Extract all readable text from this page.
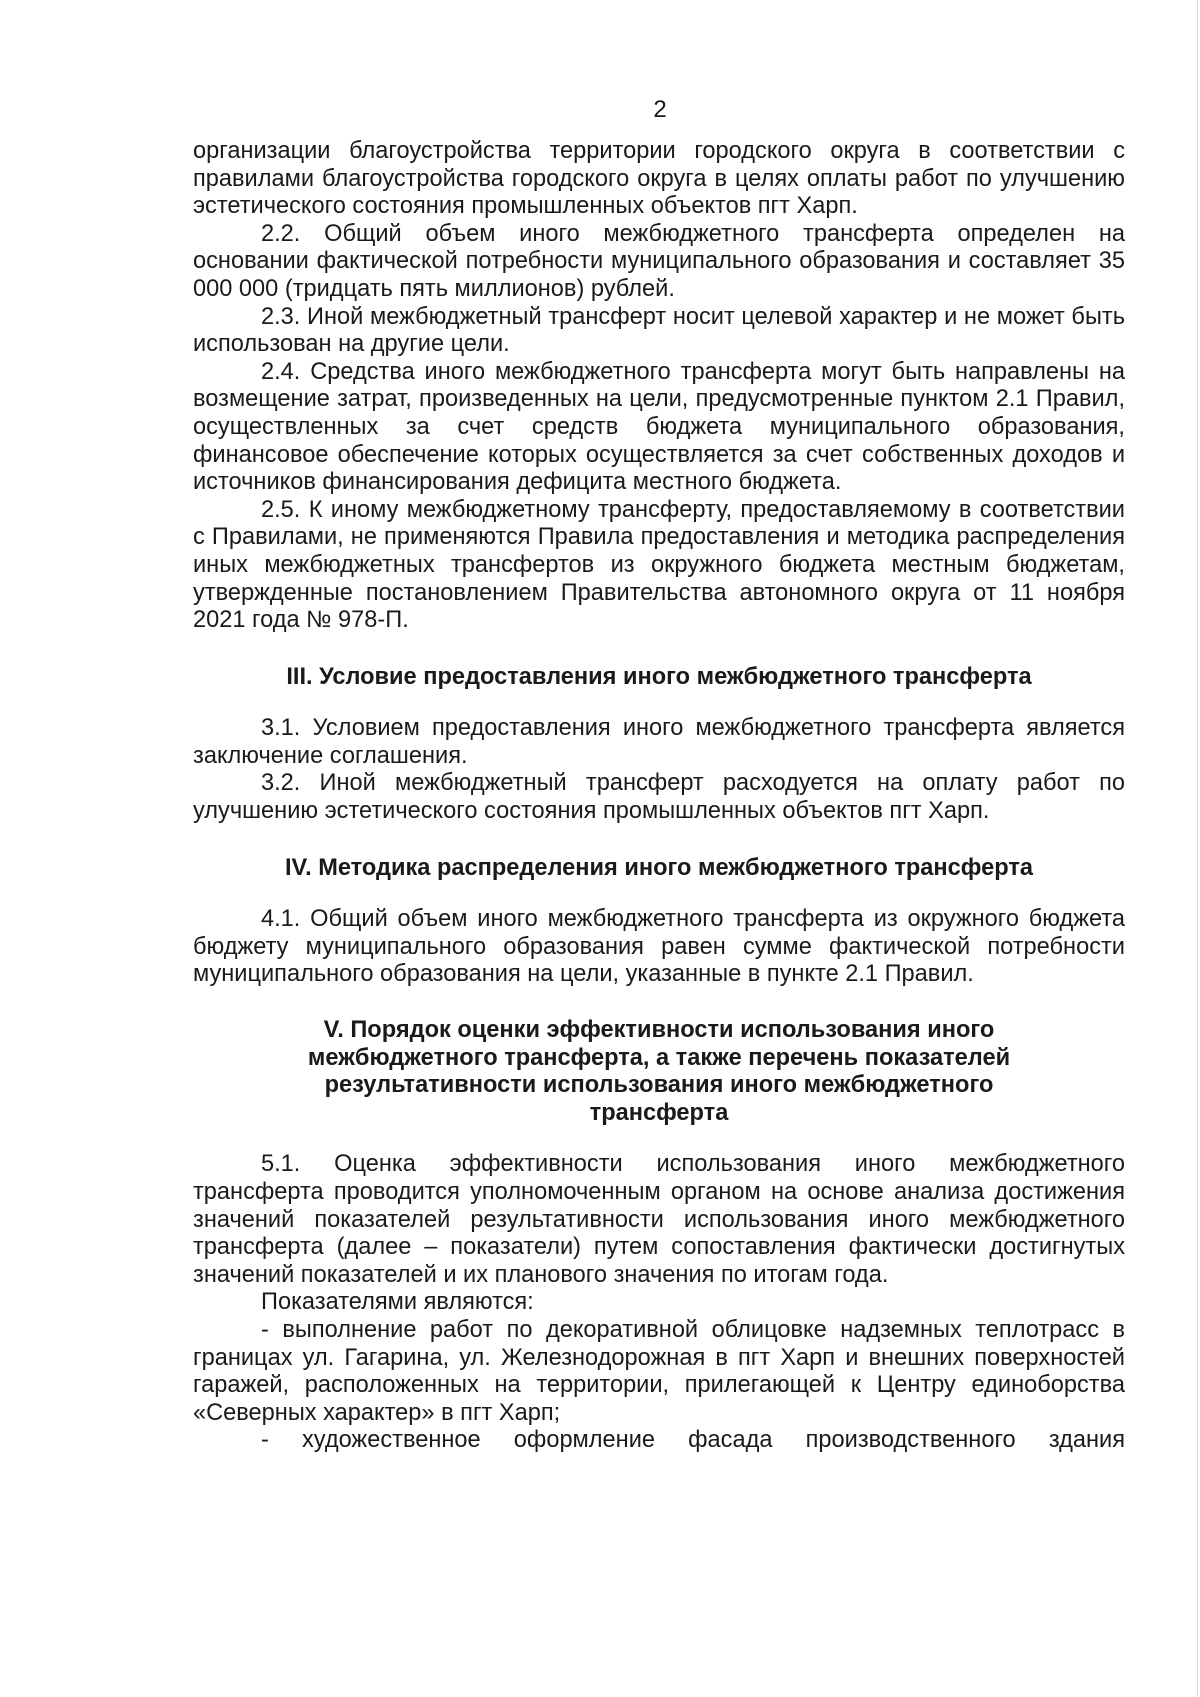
2

организации благоустройства территории городского округа в соответствии с правилами благоустройства городского округа в целях оплаты работ по улучшению эстетического состояния промышленных объектов пгт Харп.

2.2. Общий объем иного межбюджетного трансферта определен на основании фактической потребности муниципального образования и составляет 35 000 000 (тридцать пять миллионов) рублей.

2.3. Иной межбюджетный трансферт носит целевой характер и не может быть использован на другие цели.

2.4. Средства иного межбюджетного трансферта могут быть направлены на возмещение затрат, произведенных на цели, предусмотренные пунктом 2.1 Правил, осуществленных за счет средств бюджета муниципального образования, финансовое обеспечение которых осуществляется за счет собственных доходов и источников финансирования дефицита местного бюджета.

2.5. К иному межбюджетному трансферту, предоставляемому в соответствии с Правилами, не применяются Правила предоставления и методика распределения иных межбюджетных трансфертов из окружного бюджета местным бюджетам, утвержденные постановлением Правительства автономного округа от 11 ноября 2021 года № 978-П.

III. Условие предоставления иного межбюджетного трансферта

3.1. Условием предоставления иного межбюджетного трансферта является заключение соглашения.

3.2. Иной межбюджетный трансферт расходуется на оплату работ по улучшению эстетического состояния промышленных объектов пгт Харп.

IV. Методика распределения иного межбюджетного трансферта

4.1. Общий объем иного межбюджетного трансферта из окружного бюджета бюджету муниципального образования равен сумме фактической потребности муниципального образования на цели, указанные в пункте 2.1 Правил.

V. Порядок оценки эффективности использования иного
межбюджетного трансферта, а также перечень показателей
результативности использования иного межбюджетного
трансферта

5.1. Оценка эффективности использования иного межбюджетного трансферта проводится уполномоченным органом на основе анализа достижения значений показателей результативности использования иного межбюджетного трансферта (далее – показатели) путем сопоставления фактически достигнутых значений показателей и их планового значения по итогам года.

Показателями являются:

- выполнение работ по декоративной облицовке надземных теплотрасс в границах ул. Гагарина, ул. Железнодорожная в пгт Харп и внешних поверхностей гаражей, расположенных на территории, прилегающей к Центру единоборства «Северных характер» в пгт Харп;

- художественное оформление фасада производственного здания
